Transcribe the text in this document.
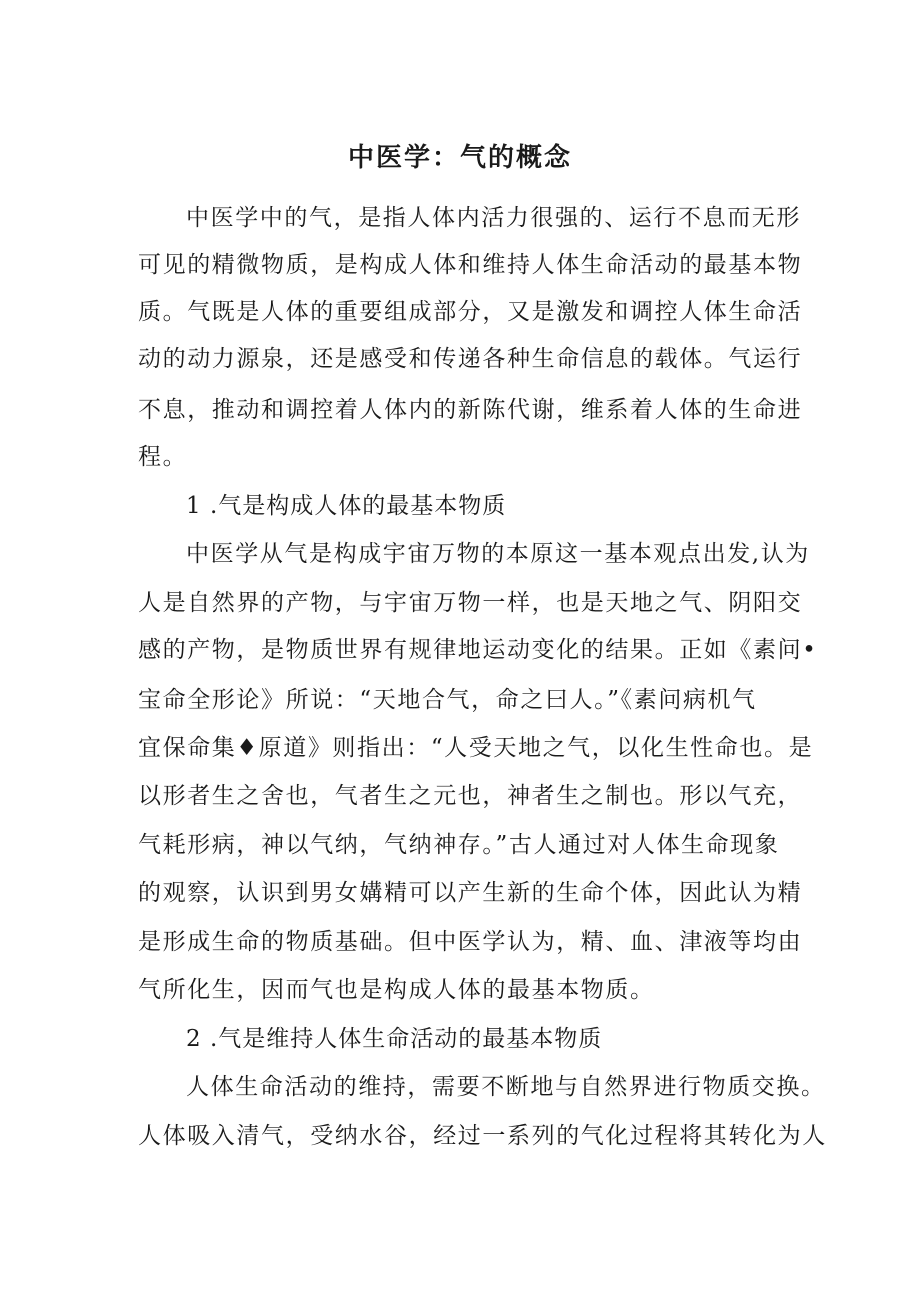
中医学：气的概念
中医学中的气，是指人体内活力很强的、运行不息而无形
可见的精微物质，是构成人体和维持人体生命活动的最基本物
质。气既是人体的重要组成部分，又是激发和调控人体生命活
动的动力源泉，还是感受和传递各种生命信息的载体。气运行
不息，推动和调控着人体内的新陈代谢，维系着人体的生命进
程。
1 .气是构成人体的最基本物质
中医学从气是构成宇宙万物的本原这一基本观点出发,认为
人是自然界的产物，与宇宙万物一样，也是天地之气、阴阳交
感的产物，是物质世界有规律地运动变化的结果。正如《素问•
宝命全形论》所说：“天地合气，命之曰人。”《素问病机气
宜保命集♦原道》则指出：“人受天地之气，以化生性命也。是
以形者生之舍也，气者生之元也，神者生之制也。形以气充，
气耗形病，神以气纳，气纳神存。”古人通过对人体生命现象
的观察，认识到男女媾精可以产生新的生命个体，因此认为精
是形成生命的物质基础。但中医学认为，精、血、津液等均由
气所化生，因而气也是构成人体的最基本物质。
2 .气是维持人体生命活动的最基本物质
人体生命活动的维持，需要不断地与自然界进行物质交换。
人体吸入清气，受纳水谷，经过一系列的气化过程将其转化为人
